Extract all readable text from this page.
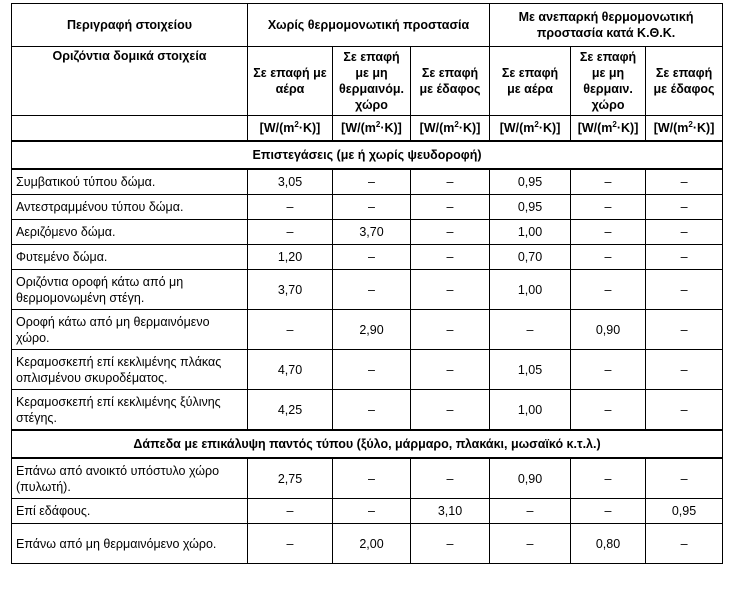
Περιγραφή στοιχείου	Χωρίς θερμομονωτική προστασία			Με ανεπαρκή θερμομονωτική προστασία κατά Κ.Θ.Κ.		
Οριζόντια δομικά στοιχεία	Σε επαφή με αέρα	Σε επαφή με μη θερμαινόμ. χώρο	Σε επαφή με έδαφος	Σε επαφή με αέρα	Σε επαφή με μη θερμαιν. χώρο	Σε επαφή με έδαφος
	$[W/(m^2\cdot K)]$	$[W/(m^2\cdot K)]$	$[W/(m^2\cdot K)]$	$[W/(m^2\cdot K)]$	$[W/(m^2\cdot K)]$	$[W/(m^2\cdot K)]$
Επιστεγάσεις (με ή χωρίς ψευδοροφή)						
Συμβατικού τύπου δώμα.	3,05	–	–	0,95	–	–
Αντεστραμμένου τύπου δώμα.	–	–	–	0,95	–	–
Αεριζόμενο δώμα.	–	3,70	–	1,00	–	–
Φυτεμένο δώμα.	1,20	–	–	0,70	–	–
Οριζόντια οροφή κάτω από μη θερμομονωμένη στέγη.	3,70	–	–	1,00	–	–
Οροφή κάτω από μη θερμαινόμενο χώρο.	–	2,90	–	–	0,90	–
Κεραμοσκεπή επί κεκλιμένης πλάκας οπλισμένου σκυροδέματος.	4,70	–	–	1,05	–	–
Κεραμοσκεπή επί κεκλιμένης ξύλινης στέγης.	4,25	–	–	1,00	–	–
Δάπεδα με επικάλυψη παντός τύπου (ξύλο, μάρμαρο, πλακάκι, μωσαϊκό κ.τ.λ.)						
Επάνω από ανοικτό υπόστυλο χώρο (πυλωτή).	2,75	–	–	0,90	–	–
Επί εδάφους.	–	–	3,10	–	–	0,95
Επάνω από μη θερμαινόμενο χώρο.	–	2,00	–	–	0,80	–
